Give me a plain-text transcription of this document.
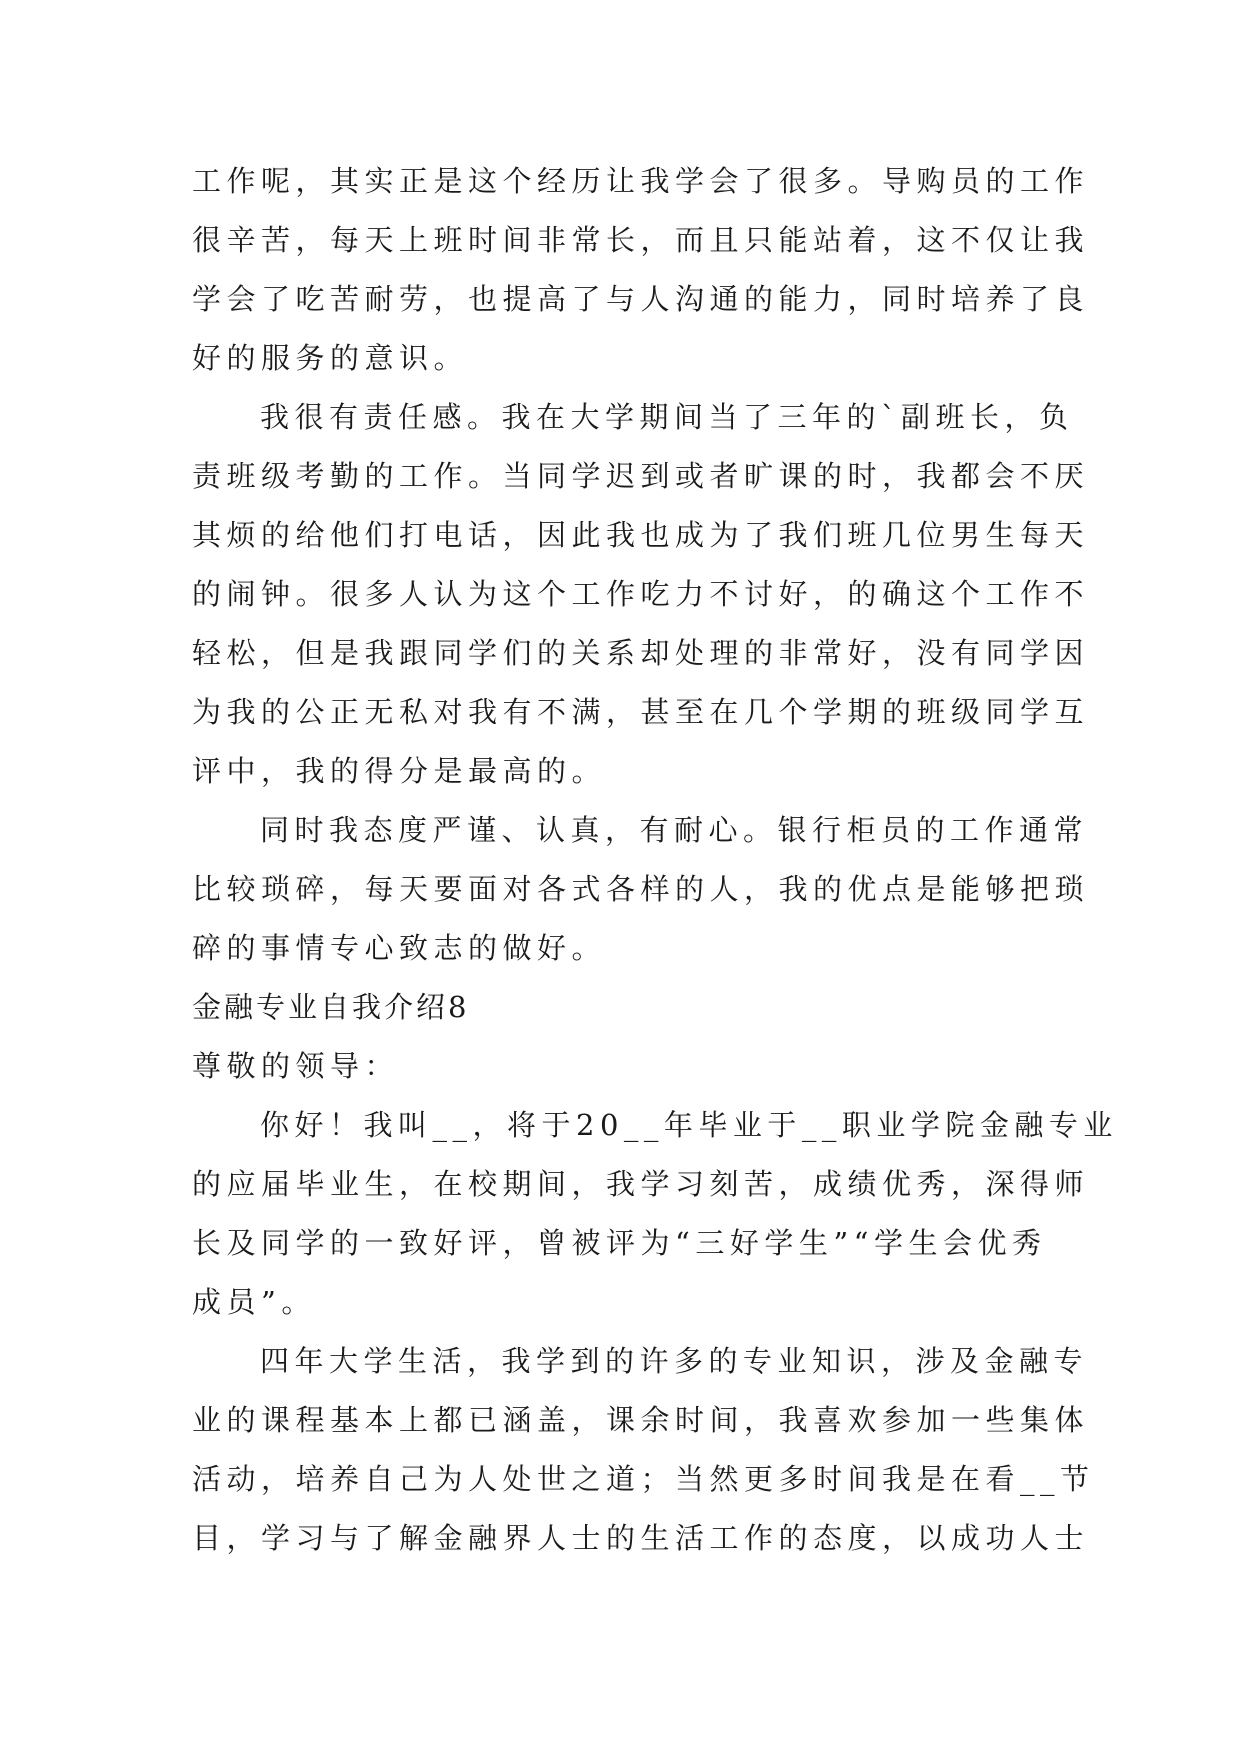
工作呢，其实正是这个经历让我学会了很多。导购员的工作
很辛苦，每天上班时间非常长，而且只能站着，这不仅让我
学会了吃苦耐劳，也提高了与人沟通的能力，同时培养了良
好的服务的意识。
我很有责任感。我在大学期间当了三年的`副班长，负
责班级考勤的工作。当同学迟到或者旷课的时，我都会不厌
其烦的给他们打电话，因此我也成为了我们班几位男生每天
的闹钟。很多人认为这个工作吃力不讨好，的确这个工作不
轻松，但是我跟同学们的关系却处理的非常好，没有同学因
为我的公正无私对我有不满，甚至在几个学期的班级同学互
评中，我的得分是最高的。
同时我态度严谨、认真，有耐心。银行柜员的工作通常
比较琐碎，每天要面对各式各样的人，我的优点是能够把琐
碎的事情专心致志的做好。
金融专业自我介绍8
尊敬的领导：
你好！我叫__，将于20__年毕业于__职业学院金融专业
的应届毕业生，在校期间，我学习刻苦，成绩优秀，深得师
长及同学的一致好评，曾被评为“三好学生”“学生会优秀
成员”。
四年大学生活，我学到的许多的专业知识，涉及金融专
业的课程基本上都已涵盖，课余时间，我喜欢参加一些集体
活动，培养自己为人处世之道；当然更多时间我是在看__节
目，学习与了解金融界人士的生活工作的态度，以成功人士
